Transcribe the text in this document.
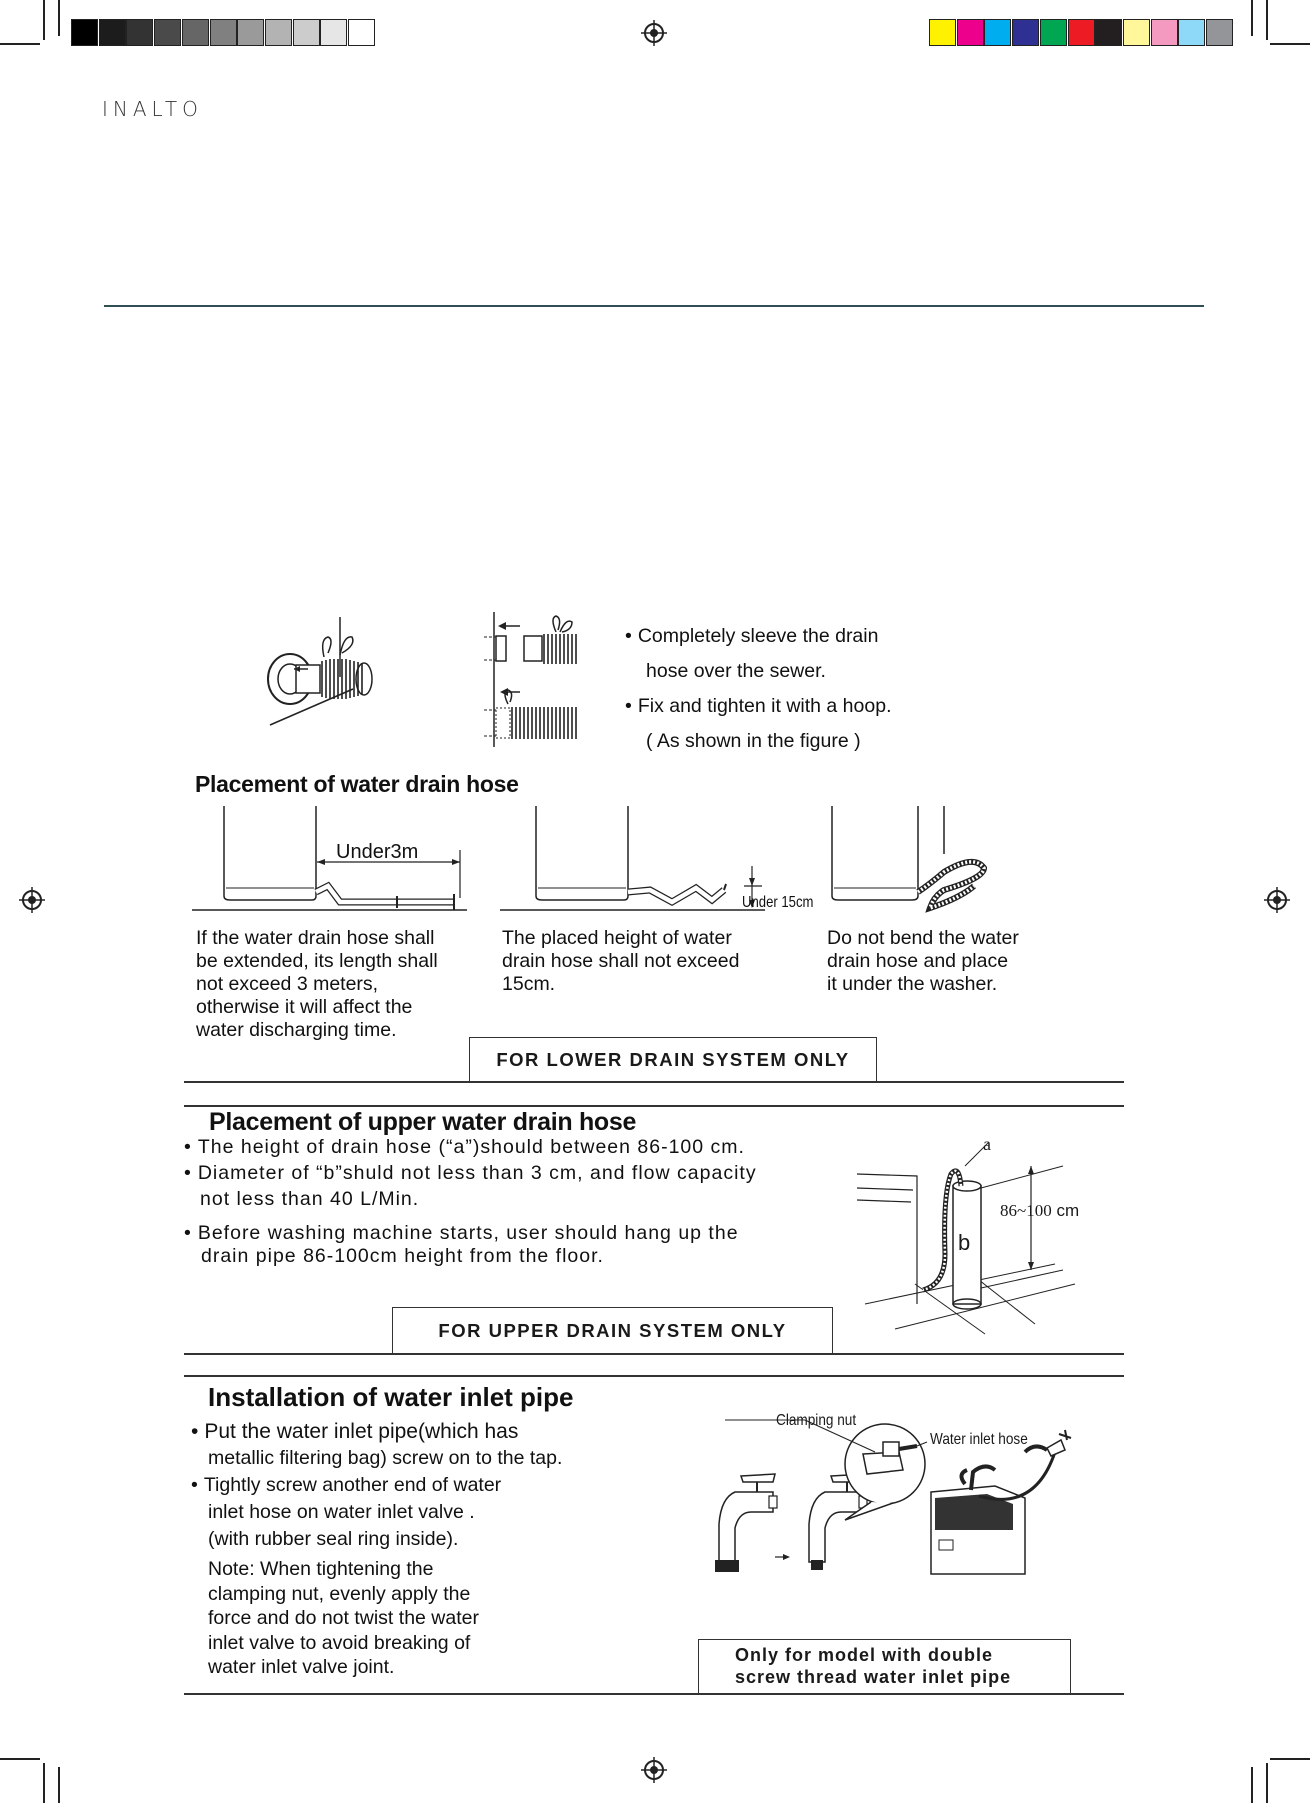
INALTO
• Completely sleeve the drain
hose over the sewer.
• Fix and tighten it with a hoop.
( As shown in the figure )
Placement of water drain hose
Under3m
Under 15cm
If the water drain hose shall
be extended, its length shall
not exceed 3 meters,
otherwise it will affect the
water discharging time.
The placed height of water
drain hose shall not exceed
15cm.
Do not bend the water
drain hose and place
it under the washer.
FOR LOWER DRAIN SYSTEM ONLY
Placement of upper water drain hose
• The height of drain hose (“a”)should between 86-100 cm.
• Diameter of “b”shuld not less than 3 cm, and flow capacity
not less than 40 L/Min.
• Before washing machine starts, user should hang up the
drain pipe 86-100cm height from the floor.
a
b
86~100 cm
FOR UPPER DRAIN SYSTEM ONLY
Installation of water inlet pipe
• Put the water inlet pipe(which has
metallic filtering bag) screw on to the tap.
• Tightly screw another end of water
inlet hose on water inlet valve .
(with rubber seal ring inside).
Note: When tightening the
clamping nut, evenly apply the
force and do not twist the water
inlet valve to avoid breaking of
water inlet valve joint.
Clamping nut
Water inlet hose
Only for model with double
screw thread water inlet pipe
